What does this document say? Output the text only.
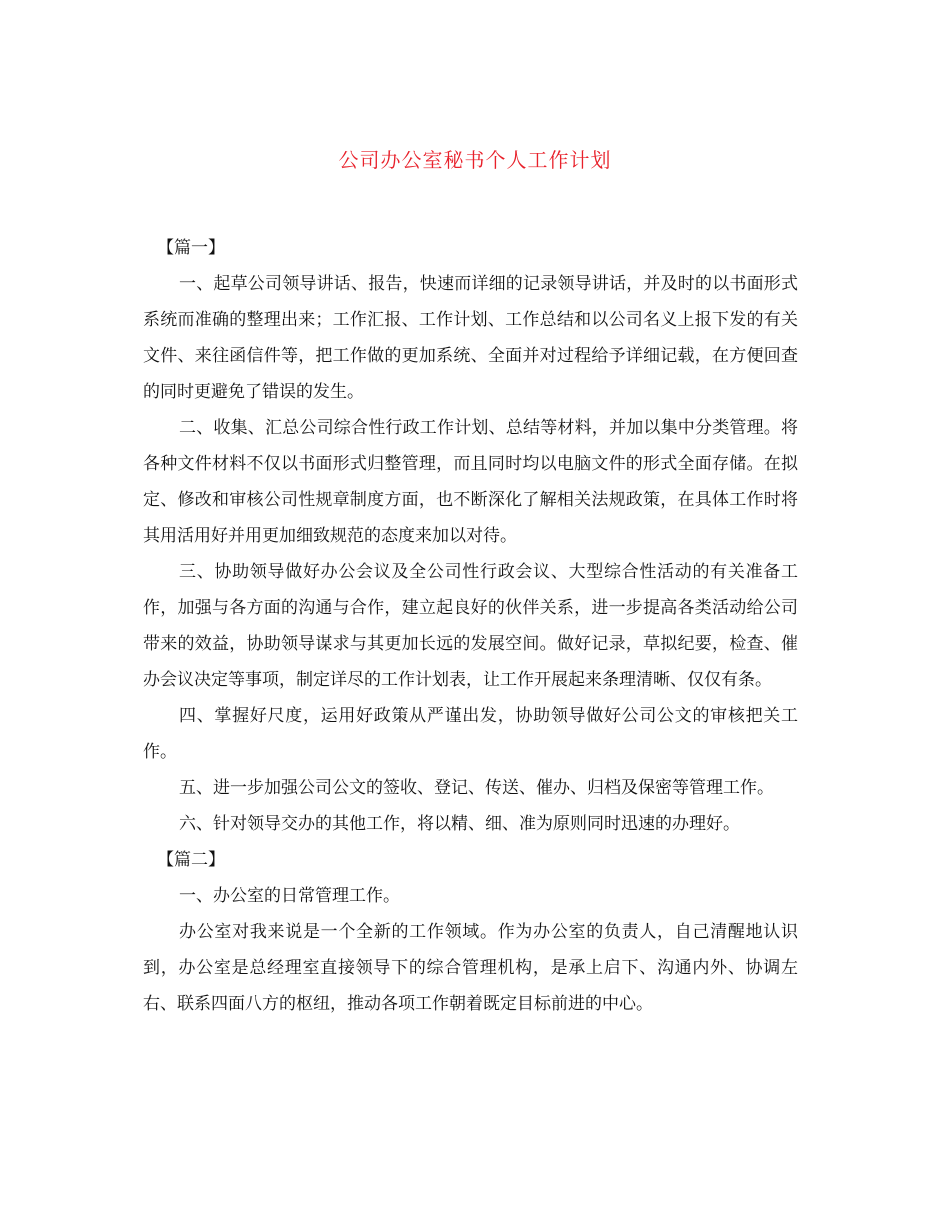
公司办公室秘书个人工作计划
【篇一】

一、起草公司领导讲话、报告，快速而详细的记录领导讲话，并及时的以书面形式系统而准确的整理出来；工作汇报、工作计划、工作总结和以公司名义上报下发的有关文件、来往函信件等，把工作做的更加系统、全面并对过程给予详细记载，在方便回查的同时更避免了错误的发生。

二、收集、汇总公司综合性行政工作计划、总结等材料，并加以集中分类管理。将各种文件材料不仅以书面形式归整管理，而且同时均以电脑文件的形式全面存储。在拟定、修改和审核公司性规章制度方面，也不断深化了解相关法规政策，在具体工作时将其用活用好并用更加细致规范的态度来加以对待。

三、协助领导做好办公会议及全公司性行政会议、大型综合性活动的有关准备工作，加强与各方面的沟通与合作，建立起良好的伙伴关系，进一步提高各类活动给公司带来的效益，协助领导谋求与其更加长远的发展空间。做好记录，草拟纪要，检查、催办会议决定等事项，制定详尽的工作计划表，让工作开展起来条理清晰、仅仅有条。

四、掌握好尺度，运用好政策从严谨出发，协助领导做好公司公文的审核把关工作。

五、进一步加强公司公文的签收、登记、传送、催办、归档及保密等管理工作。

六、针对领导交办的其他工作，将以精、细、准为原则同时迅速的办理好。

【篇二】

一、办公室的日常管理工作。

办公室对我来说是一个全新的工作领域。作为办公室的负责人，自己清醒地认识到，办公室是总经理室直接领导下的综合管理机构，是承上启下、沟通内外、协调左右、联系四面八方的枢纽，推动各项工作朝着既定目标前进的中心。
